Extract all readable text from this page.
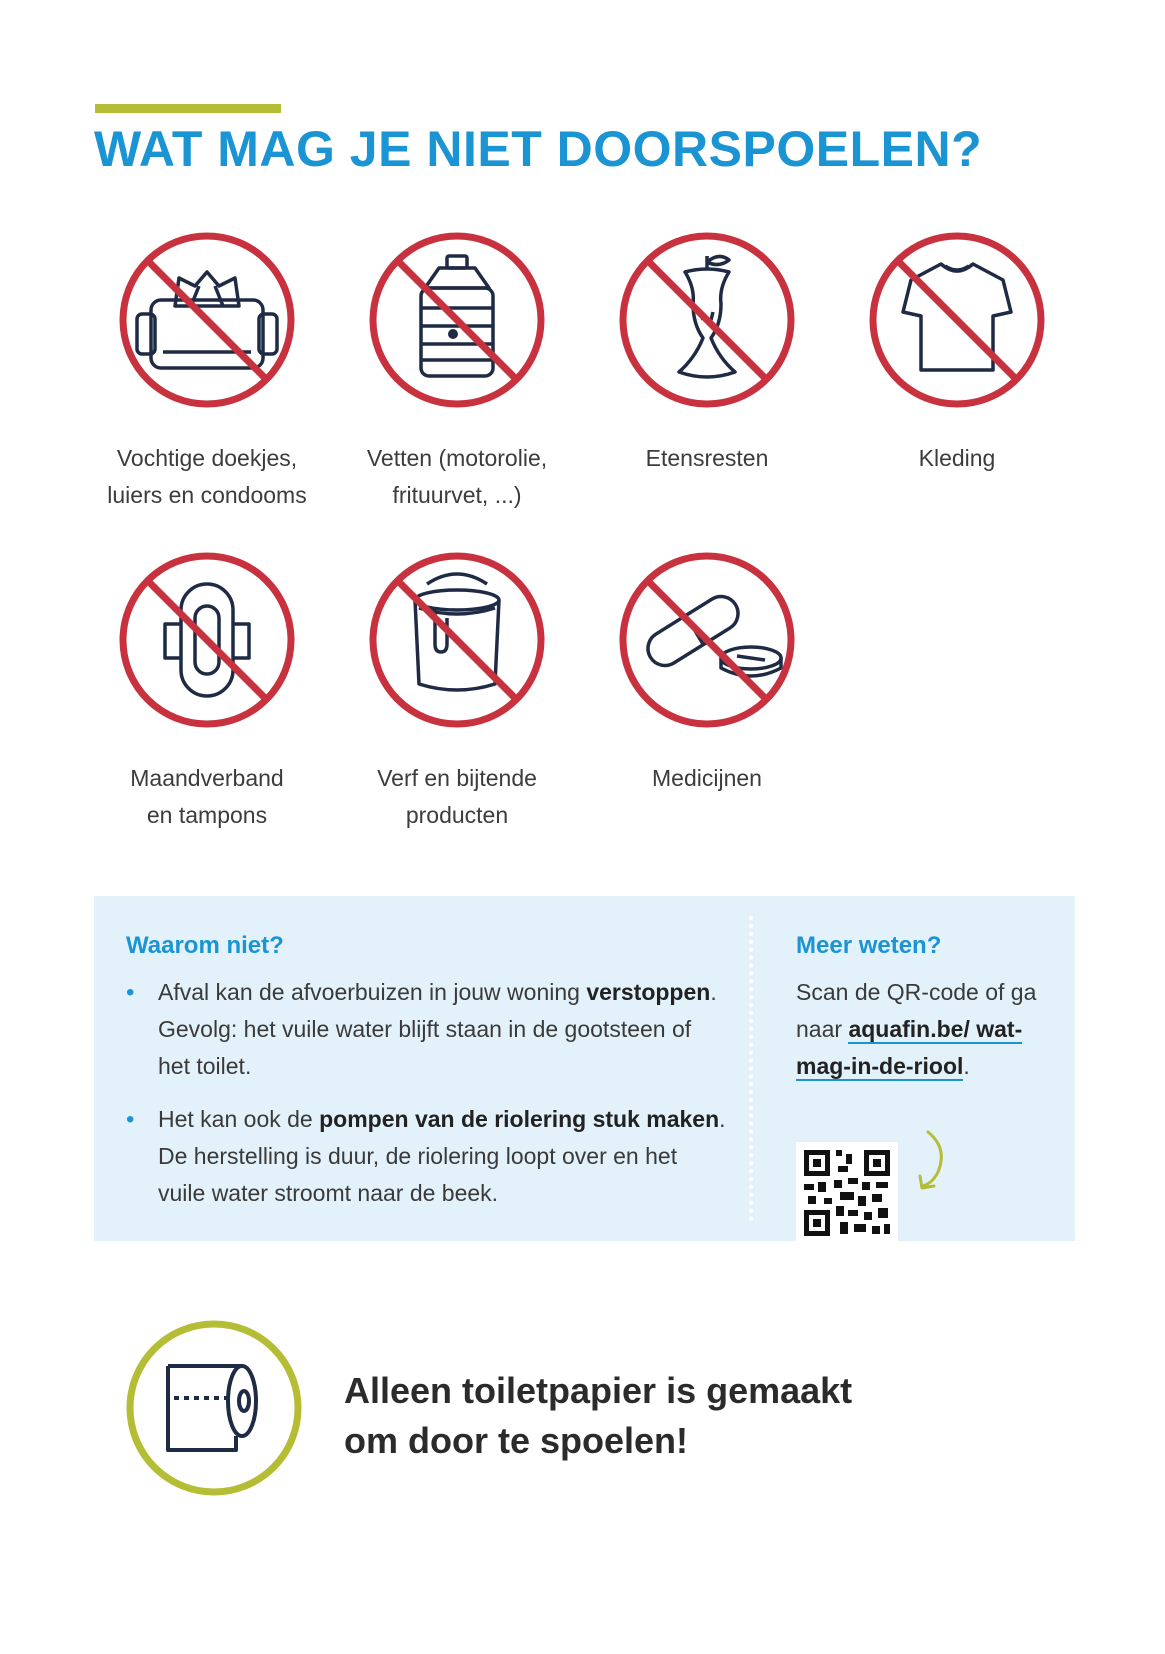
WAT MAG JE NIET DOORSPOELEN?
Vochtige doekjes,
luiers en condooms
Vetten (motorolie,
frituurvet, ...)
Etensresten	Kleding
Maandverband
en tampons
Verf en bijtende
producten
Medicijnen
Waarom niet?
• Afval kan de afvoerbuizen in jouw woning verstoppen. Gevolg: het vuile water blijft staan in de gootsteen of het toilet.
• Het kan ook de pompen van de riolering stuk maken. De herstelling is duur, de riolering loopt over en het vuile water stroomt naar de beek.
Meer weten?
Scan de QR-code of ga naar aquafin.be/ wat-mag-in-de-riool.

Alleen toiletpapier is gemaakt
om door te spoelen!
